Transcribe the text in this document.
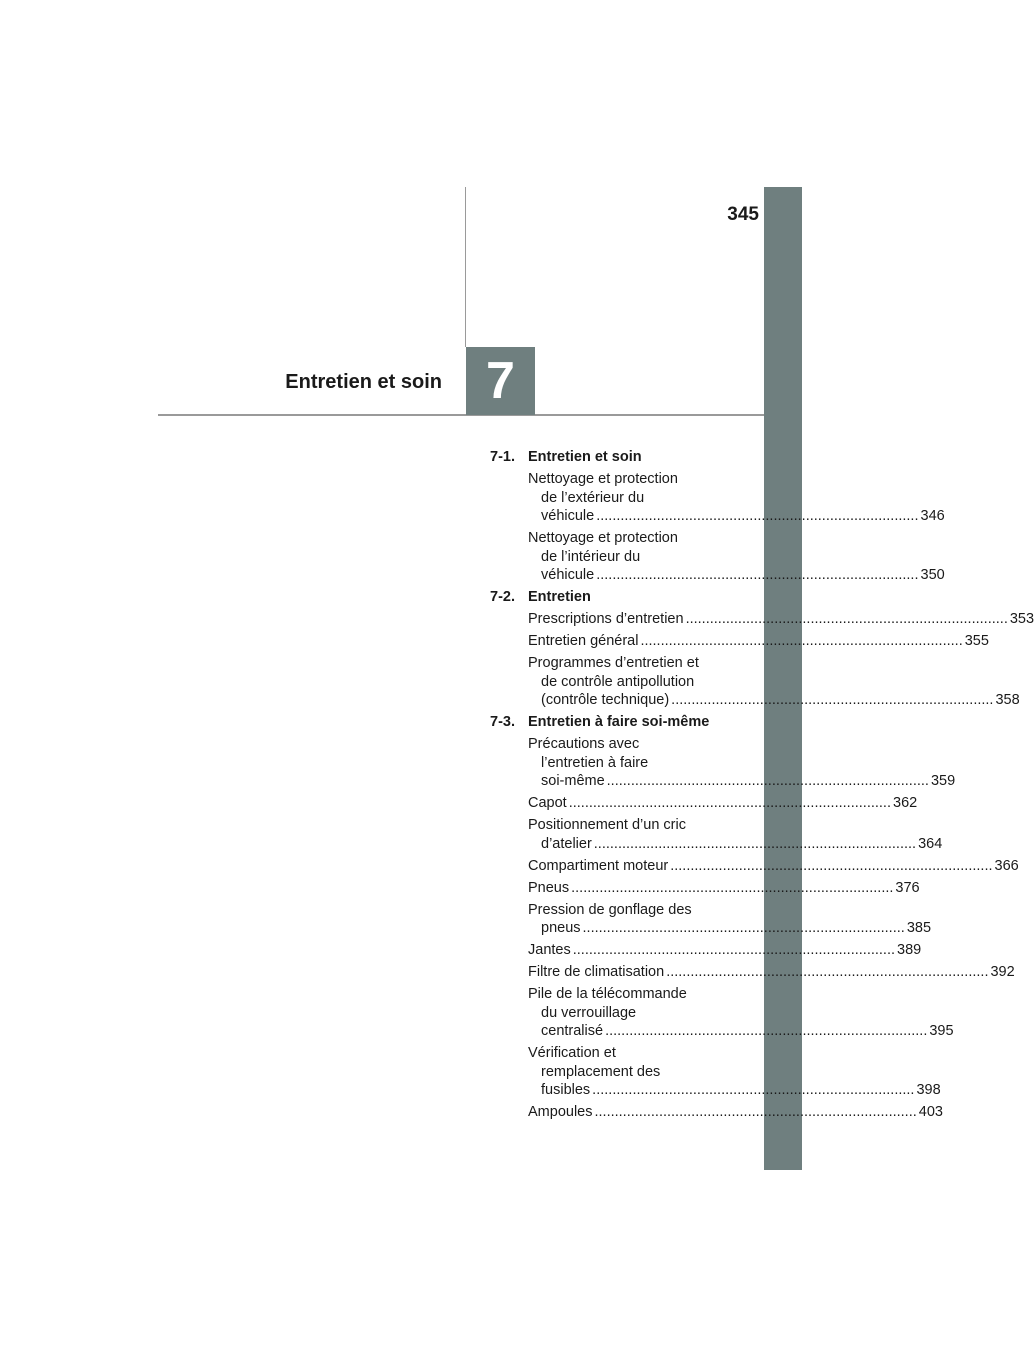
345
7
Entretien et soin
7-1. Entretien et soin
Nettoyage et protection
de l’extérieur du
véhicule ................................................................................ 346
Nettoyage et protection
de l’intérieur du
véhicule ................................................................................ 350
7-2. Entretien
Prescriptions d’entretien ................................................................................ 353
Entretien général ................................................................................ 355
Programmes d’entretien et
de contrôle antipollution
(contrôle technique) ................................................................................ 358
7-3. Entretien à faire soi-même
Précautions avec
l’entretien à faire
soi-même ................................................................................ 359
Capot ................................................................................ 362
Positionnement d’un cric
d’atelier ................................................................................ 364
Compartiment moteur ................................................................................ 366
Pneus ................................................................................ 376
Pression de gonflage des
pneus ................................................................................ 385
Jantes ................................................................................ 389
Filtre de climatisation ................................................................................ 392
Pile de la télécommande
du verrouillage
centralisé ................................................................................ 395
Vérification et
remplacement des
fusibles ................................................................................ 398
Ampoules ................................................................................ 403
